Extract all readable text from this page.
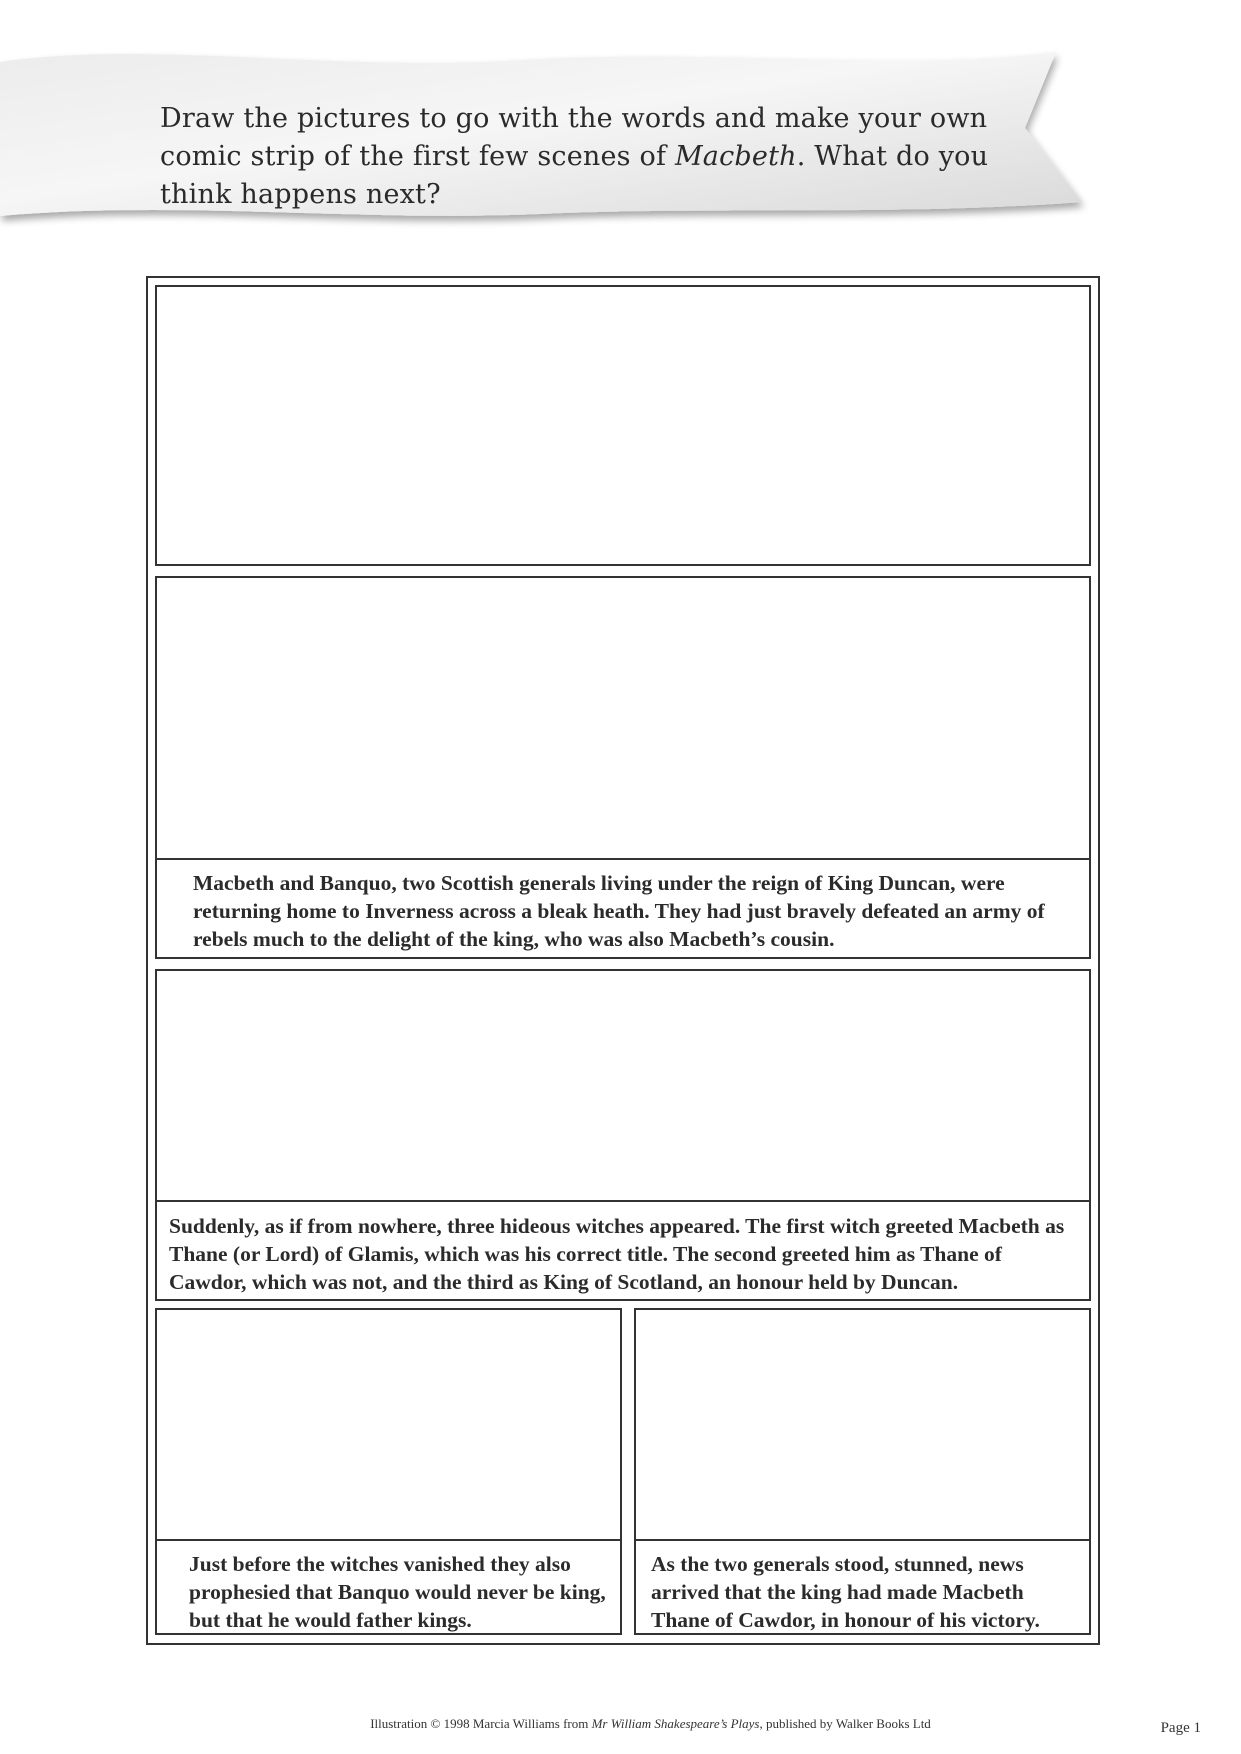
Draw the pictures to go with the words and make your own comic strip of the first few scenes of Macbeth. What do you think happens next?
Macbeth and Banquo, two Scottish generals living under the reign of King Duncan, were returning home to Inverness across a bleak heath. They had just bravely defeated an army of rebels much to the delight of the king, who was also Macbeth’s cousin.
Suddenly, as if from nowhere, three hideous witches appeared. The first witch greeted Macbeth as Thane (or Lord) of Glamis, which was his correct title. The second greeted him as Thane of Cawdor, which was not, and the third as King of Scotland, an honour held by Duncan.
Just before the witches vanished they also prophesied that Banquo would never be king, but that he would father kings.
As the two generals stood, stunned, news arrived that the king had made Macbeth Thane of Cawdor, in honour of his victory.
Illustration © 1998 Marcia Williams from Mr William Shakespeare’s Plays, published by Walker Books Ltd	Page 1
